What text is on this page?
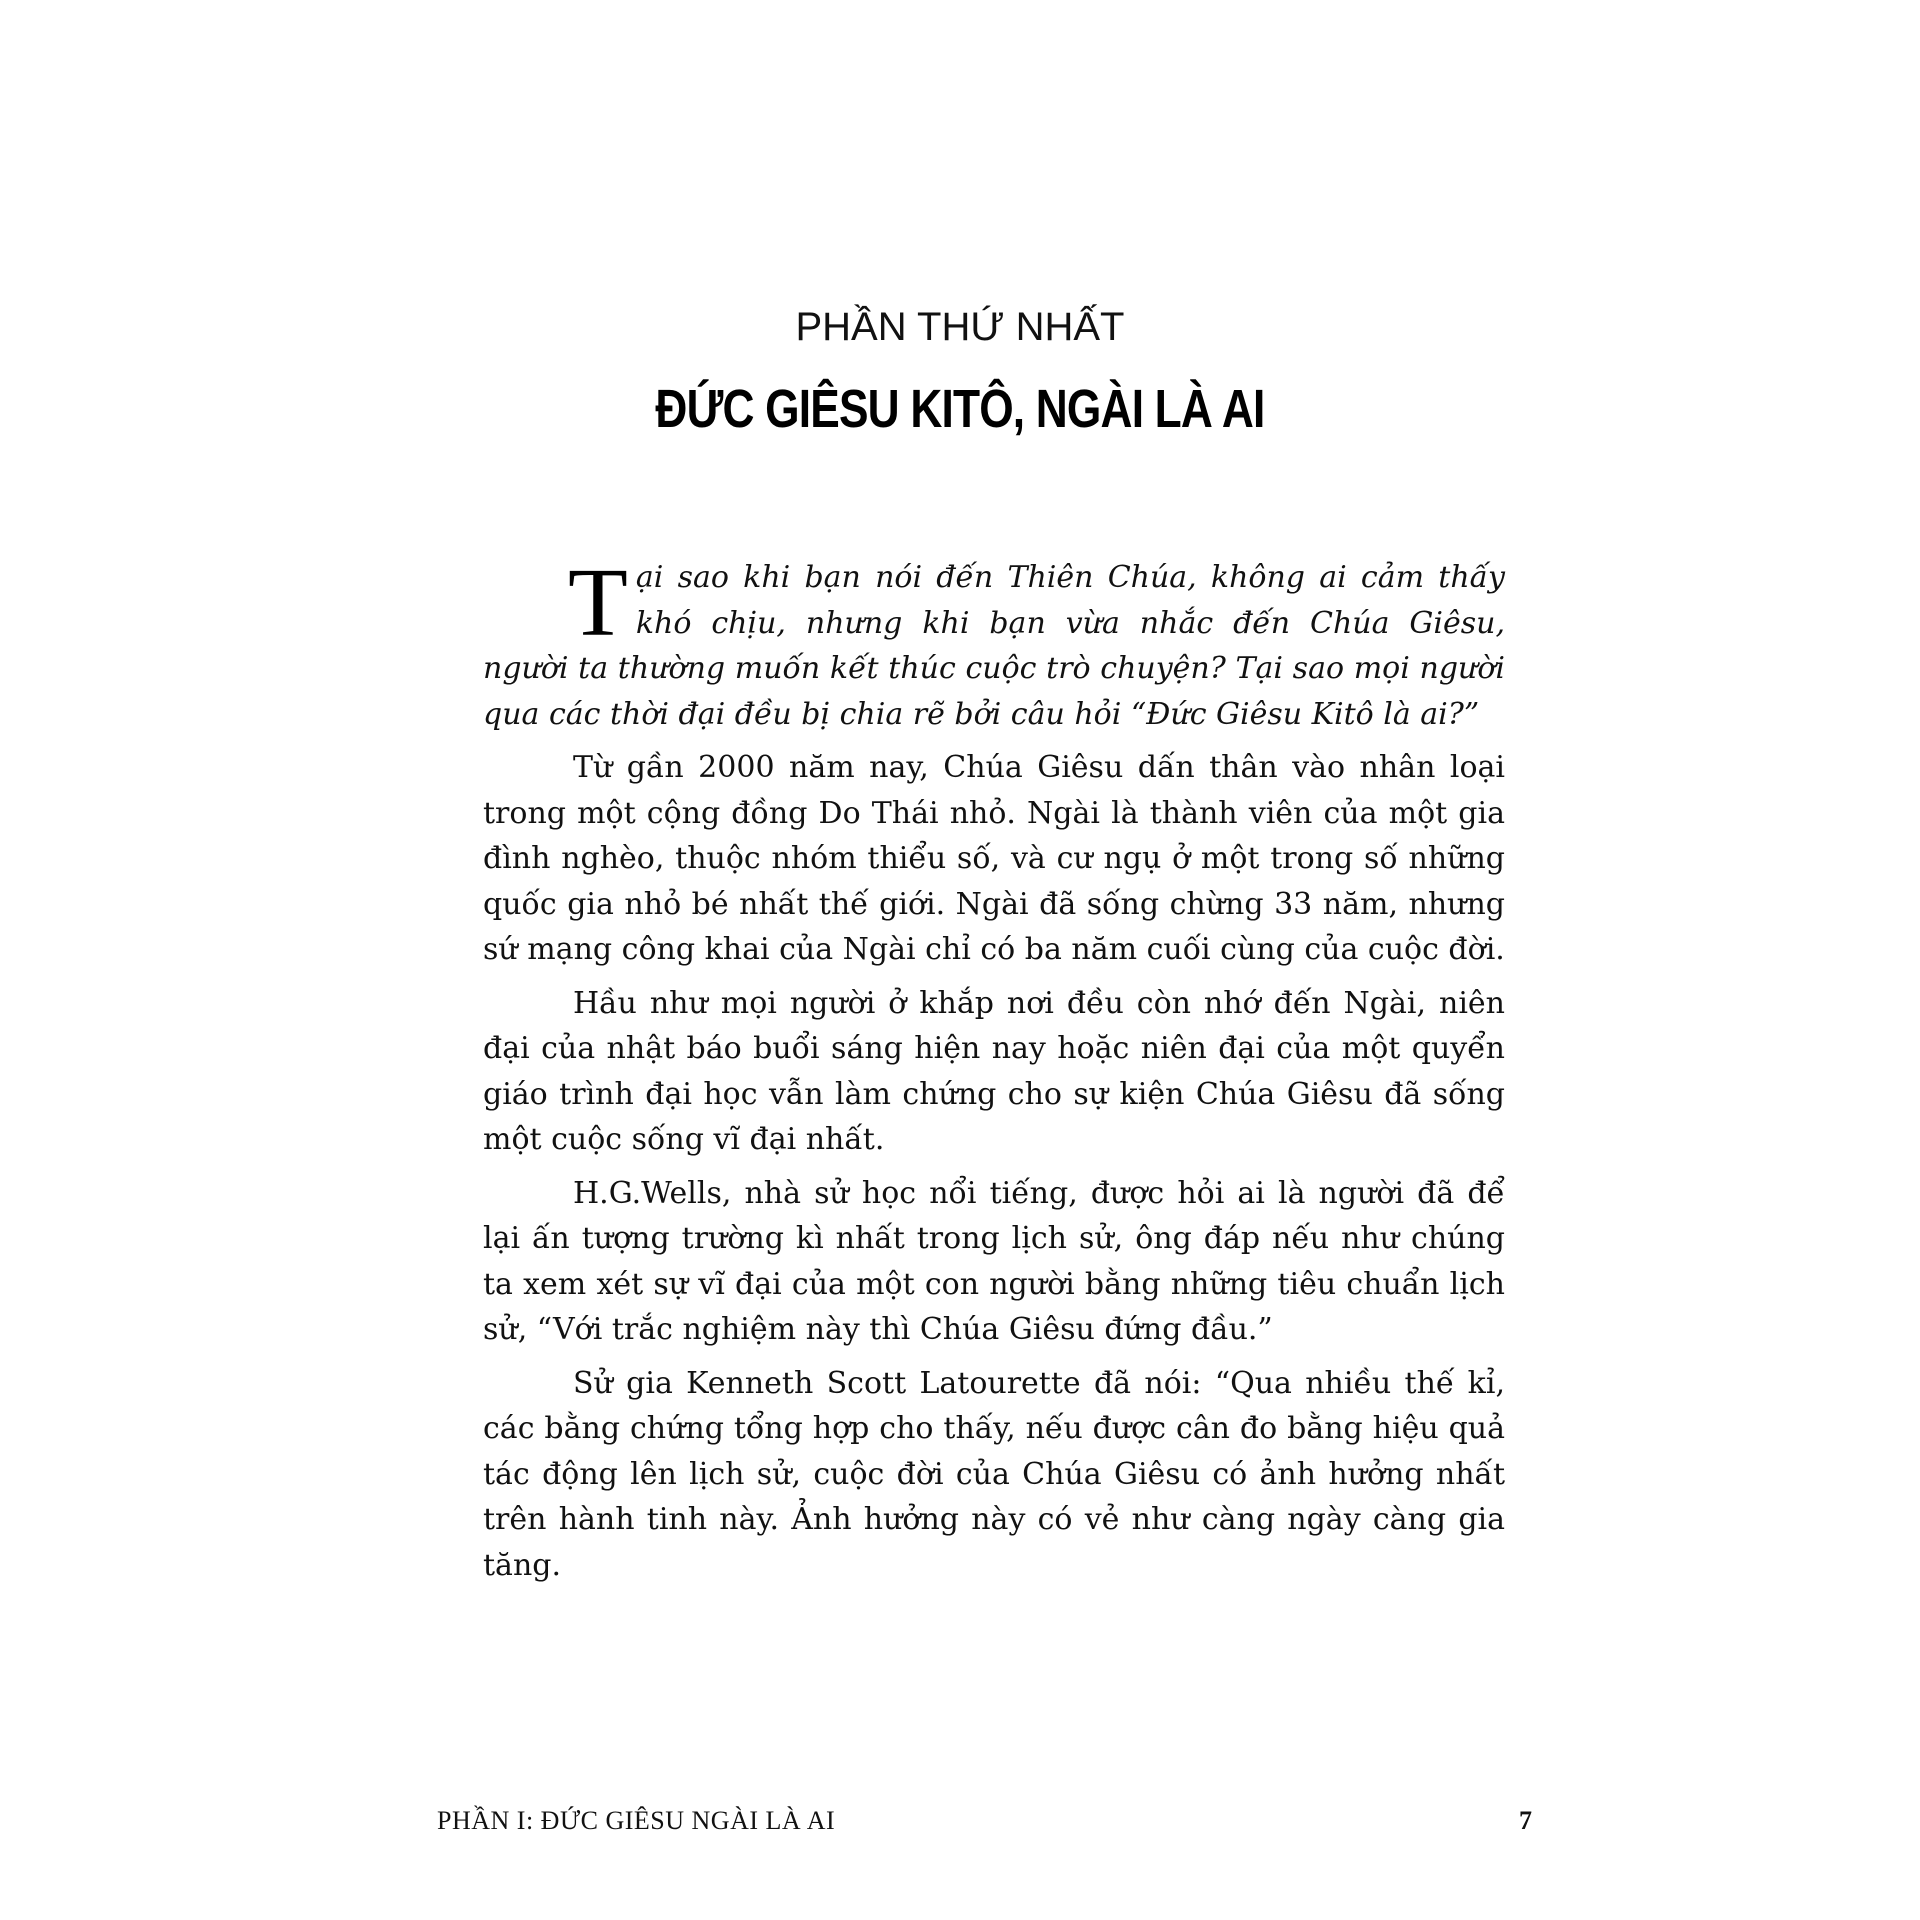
PHẦN THỨ NHẤT
ĐỨC GIÊSU KITÔ, NGÀI LÀ AI

Tại sao khi bạn nói đến Thiên Chúa, không ai cảm thấy khó chịu, nhưng khi bạn vừa nhắc đến Chúa Giêsu, người ta thường muốn kết thúc cuộc trò chuyện? Tại sao mọi người qua các thời đại đều bị chia rẽ bởi câu hỏi “Đức Giêsu Kitô là ai?”

Từ gần 2000 năm nay, Chúa Giêsu dấn thân vào nhân loại trong một cộng đồng Do Thái nhỏ. Ngài là thành viên của một gia đình nghèo, thuộc nhóm thiểu số, và cư ngụ ở một trong số những quốc gia nhỏ bé nhất thế giới. Ngài đã sống chừng 33 năm, nhưng sứ mạng công khai của Ngài chỉ có ba năm cuối cùng của cuộc đời.

Hầu như mọi người ở khắp nơi đều còn nhớ đến Ngài, niên đại của nhật báo buổi sáng hiện nay hoặc niên đại của một quyển giáo trình đại học vẫn làm chứng cho sự kiện Chúa Giêsu đã sống một cuộc sống vĩ đại nhất.

H.G.Wells, nhà sử học nổi tiếng, được hỏi ai là người đã để lại ấn tượng trường kì nhất trong lịch sử, ông đáp nếu như chúng ta xem xét sự vĩ đại của một con người bằng những tiêu chuẩn lịch sử, “Với trắc nghiệm này thì Chúa Giêsu đứng đầu.”

Sử gia Kenneth Scott Latourette đã nói: “Qua nhiều thế kỉ, các bằng chứng tổng hợp cho thấy, nếu được cân đo bằng hiệu quả tác động lên lịch sử, cuộc đời của Chúa Giêsu có ảnh hưởng nhất trên hành tinh này. Ảnh hưởng này có vẻ như càng ngày càng gia tăng.

PHẦN I: ĐỨC GIÊSU NGÀI LÀ AI	7
